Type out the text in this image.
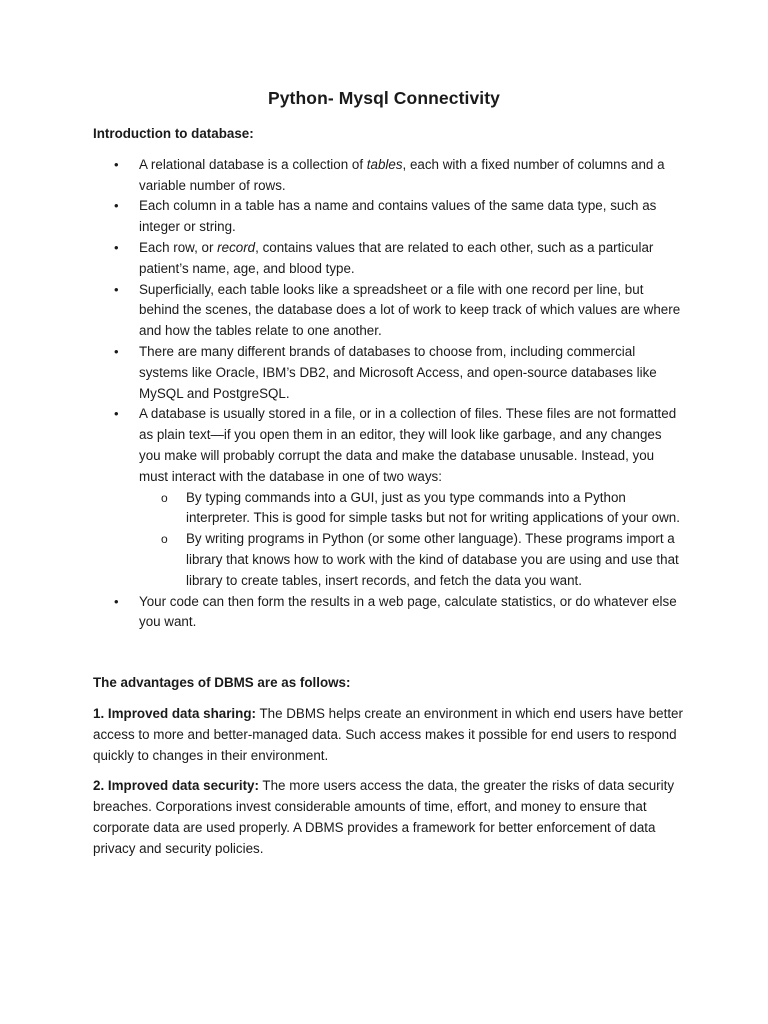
Python- Mysql Connectivity
Introduction to database:
• A relational database is a collection of tables, each with a fixed number of columns and a variable number of rows.
• Each column in a table has a name and contains values of the same data type, such as integer or string.
• Each row, or record, contains values that are related to each other, such as a particular patient’s name, age, and blood type.
• Superficially, each table looks like a spreadsheet or a file with one record per line, but behind the scenes, the database does a lot of work to keep track of which values are where and how the tables relate to one another.
• There are many different brands of databases to choose from, including commercial systems like Oracle, IBM’s DB2, and Microsoft Access, and open-source databases like MySQL and PostgreSQL.
• A database is usually stored in a file, or in a collection of files. These files are not formatted as plain text—if you open them in an editor, they will look like garbage, and any changes you make will probably corrupt the data and make the database unusable. Instead, you must interact with the database in one of two ways:
o By typing commands into a GUI, just as you type commands into a Python interpreter. This is good for simple tasks but not for writing applications of your own.
o By writing programs in Python (or some other language). These programs import a library that knows how to work with the kind of database you are using and use that library to create tables, insert records, and fetch the data you want.
• Your code can then form the results in a web page, calculate statistics, or do whatever else you want.
The advantages of DBMS are as follows:

1. Improved data sharing: The DBMS helps create an environment in which end users have better access to more and better-managed data. Such access makes it possible for end users to respond quickly to changes in their environment.

2. Improved data security: The more users access the data, the greater the risks of data security breaches. Corporations invest considerable amounts of time, effort, and money to ensure that corporate data are used properly. A DBMS provides a framework for better enforcement of data privacy and security policies.
